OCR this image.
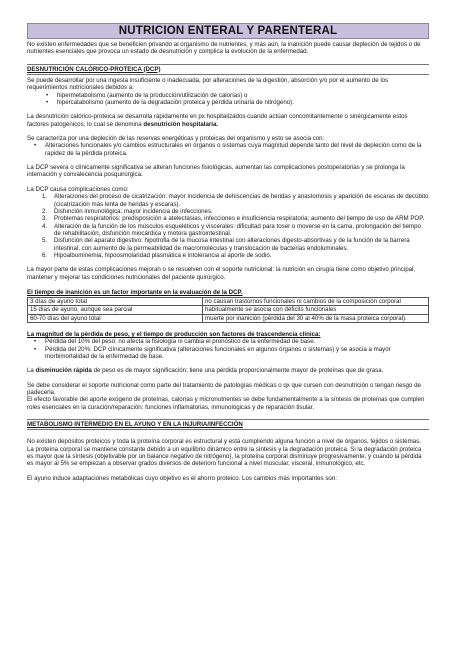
NUTRICION ENTERAL Y PARENTERAL

No existen enfermedades que se beneficien privando al organismo de nutrientes, y más aún, la inanición puede causar depleción de tejidos o de nutrientes esenciales que provoca un estado de desnutrición y complica la evolución de la enfermedad.

DESNUTRICIÓN CALÓRICO-PROTEICA (DCP)

Se puede desarrollar por una ingesta insuficiente o inadecuada, por alteraciones de la digestión, absorción y/o por el aumento de los requerimientos nutricionales debidos a:

• hipermetabolismo (aumento de la producción/utilización de calorías) o
• hipercatabolismo (aumento de la degradación proteica y pérdida urinaria de nitrógeno).

La desnutrición calórico-proteica se desarrolla rápidamente en px hospitalizados cuando actúan concomitantemente o sinérgicamente estos factores patogénicos, lo cual se denomina desnutrición hospitalaria.

Se caracteriza por una depleción de las reservas energéticas y proteicas del organismo y esto se asocia con:

• Alteraciones funcionales y/o cambios estructurales en órganos o sistemas cuya magnitud depende tanto del nivel de depleción como de la rapidez de la pérdida proteica.

La DCP severa o clínicamente significativa se alteran funciones fisiológicas, aumentan las complicaciones postoperatorias y se prolonga la internación y convalecencia posquirúrgica.

La DCP causa complicaciones como:

1. Alteraciones del proceso de cicatrización: mayor incidencia de dehiscencias de heridas y anastomosis y aparición de escaras de decúbito (cicatrización más lenta de heridas y escaras).
2. Disfunción inmunológica: mayor incidencia de infecciones.
3. Problemas respiratorios: predisposición a atelectasias, infecciones e insuficiencia respiratoria; aumento del tiempo de uso de ARM POP.
4. Alteración de la función de los músculos esqueléticos y viscerales: dificultad para toser o moverse en la cama, prolongación del tiempo de rehabilitación, disfunción miocárdica y motora gastrointestinal.
5. Disfunción del aparato digestivo: hipotrofia de la mucosa intestinal con alteraciones digesto-absortivas y de la función de la barrera intestinal, con aumento de la permeabilidad de macromoléculas y translocación de bacterias endoluminales.
6. Hipoalbuminemia, hipoosmolaridad plasmática e intolerancia al aporte de sodio.

La mayor parte de estas complicaciones mejoran o se resuelven con el soporte nutricional: la nutrición en cirugía tiene como objetivo principal, mantener y mejorar las condiciones nutricionales del paciente quirúrgico.

El tiempo de inanición es un factor importante en la evaluación de la DCP.

3 días de ayuno total	no causan trastornos funcionales ni cambios de la composición corporal
15 días de ayuno, aunque sea parcial	habitualmente se asocia con déficits funcionales
60-70 días del ayuno total	muerte por inanición (pérdida del 30 al 40% de la masa proteica corporal).

La magnitud de la pérdida de peso, y el tiempo de producción son factores de trascendencia clínica:

• Pérdida del 10% del peso: no afecta la fisiología ni cambia el pronóstico de la enfermedad de base.
• Pérdida del 20%: DCP clínicamente significativa (alteraciones funcionales en algunos órganos o sistemas) y se asocia a mayor morbimortalidad de la enfermedad de base.

La disminución rápida de peso es de mayor significación; tiene una pérdida proporcionalmente mayor de proteínas que de grasa.

Se debe considerar el soporte nutricional como parte del tratamiento de patologías médicas o qx que cursen con desnutrición o tengan riesgo de padecerla.

El efecto favorable del aporte exógeno de proteínas, calorías y micronutrientes se debe fundamentalmente a la síntesis de proteínas que cumplen roles esenciales en la curación/reparación: funciones inflamatorias, inmunológicas y de reparación tisular.

METABOLISMO INTERMEDIO EN EL AYUNO Y EN LA INJURIA/INFECCIÓN

No existen depósitos proteicos y toda la proteína corporal es estructural y está cumpliendo alguna función a nivel de órganos, tejidos o sistemas. La proteína corporal se mantiene constante debido a un equilibrio dinámico entre la síntesis y la degradación proteica. Si la degradación proteica es mayor que la síntesis (objetivable por un balance negativo de nitrógeno), la proteína corporal disminuye progresivamente, y cuando la pérdida es mayor al 5% se empiezan a observar grados diversos de deterioro funcional a nivel muscular, visceral, inmunológico, etc.

El ayuno induce adaptaciones metabólicas cuyo objetivo es el ahorro proteico. Los cambios más importantes son:
